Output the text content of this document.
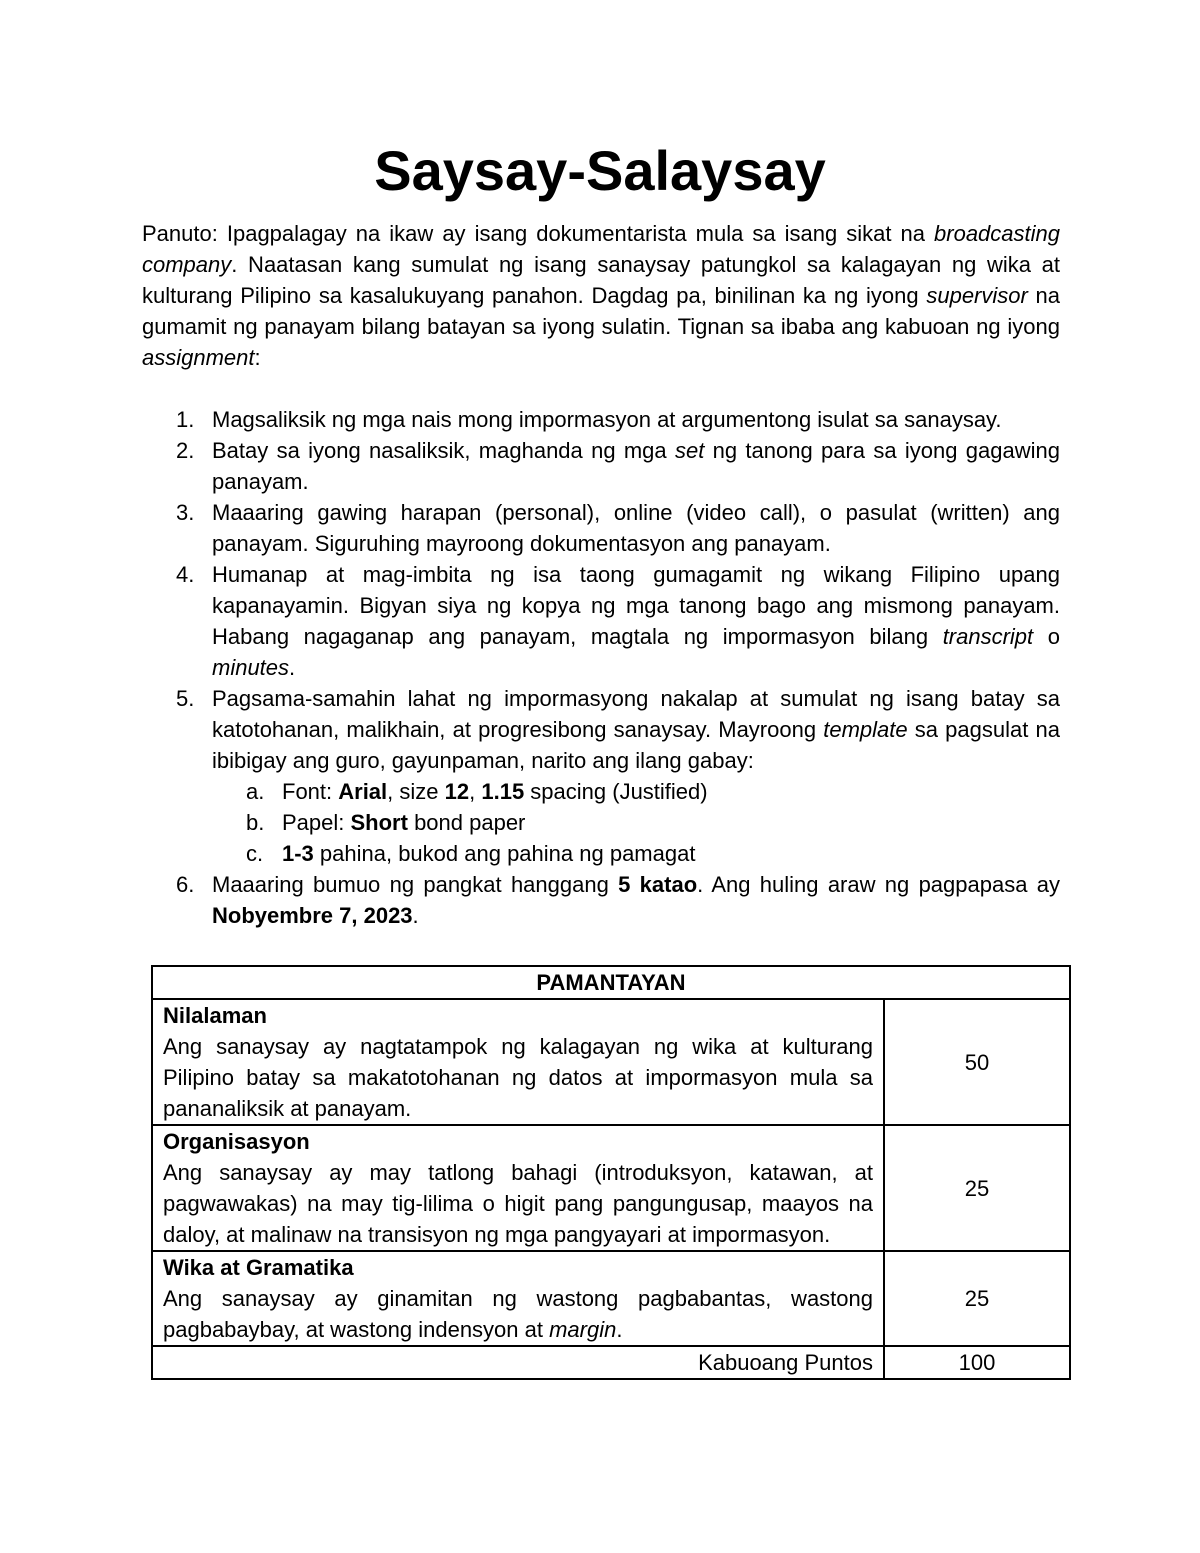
Saysay-Salaysay

Panuto: Ipagpalagay na ikaw ay isang dokumentarista mula sa isang sikat na broadcasting company. Naatasan kang sumulat ng isang sanaysay patungkol sa kalagayan ng wika at kulturang Pilipino sa kasalukuyang panahon. Dagdag pa, binilinan ka ng iyong supervisor na gumamit ng panayam bilang batayan sa iyong sulatin. Tignan sa ibaba ang kabuoan ng iyong assignment:

1. Magsaliksik ng mga nais mong impormasyon at argumentong isulat sa sanaysay.
2. Batay sa iyong nasaliksik, maghanda ng mga set ng tanong para sa iyong gagawing panayam.
3. Maaaring gawing harapan (personal), online (video call), o pasulat (written) ang panayam. Siguruhing mayroong dokumentasyon ang panayam.
4. Humanap at mag-imbita ng isa taong gumagamit ng wikang Filipino upang kapanayamin. Bigyan siya ng kopya ng mga tanong bago ang mismong panayam. Habang nagaganap ang panayam, magtala ng impormasyon bilang transcript o minutes.
5. Pagsama-samahin lahat ng impormasyong nakalap at sumulat ng isang batay sa katotohanan, malikhain, at progresibong sanaysay. Mayroong template sa pagsulat na ibibigay ang guro, gayunpaman, narito ang ilang gabay:
a. Font: Arial, size 12, 1.15 spacing (Justified)
b. Papel: Short bond paper
c. 1-3 pahina, bukod ang pahina ng pamagat
6. Maaaring bumuo ng pangkat hanggang 5 katao. Ang huling araw ng pagpapasa ay Nobyembre 7, 2023.
PAMANTAYAN	

Nilalaman
Ang sanaysay ay nagtatampok ng kalagayan ng wika at kulturang Pilipino batay sa makatotohanan ng datos at impormasyon mula sa pananaliksik at panayam.	50

Organisasyon
Ang sanaysay ay may tatlong bahagi (introduksyon, katawan, at pagwawakas) na may tig-lilima o higit pang pangungusap, maayos na daloy, at malinaw na transisyon ng mga pangyayari at impormasyon.	25

Wika at Gramatika
Ang sanaysay ay ginamitan ng wastong pagbabantas, wastong pagbabaybay, at wastong indensyon at margin.	25
Kabuoang Puntos	100
